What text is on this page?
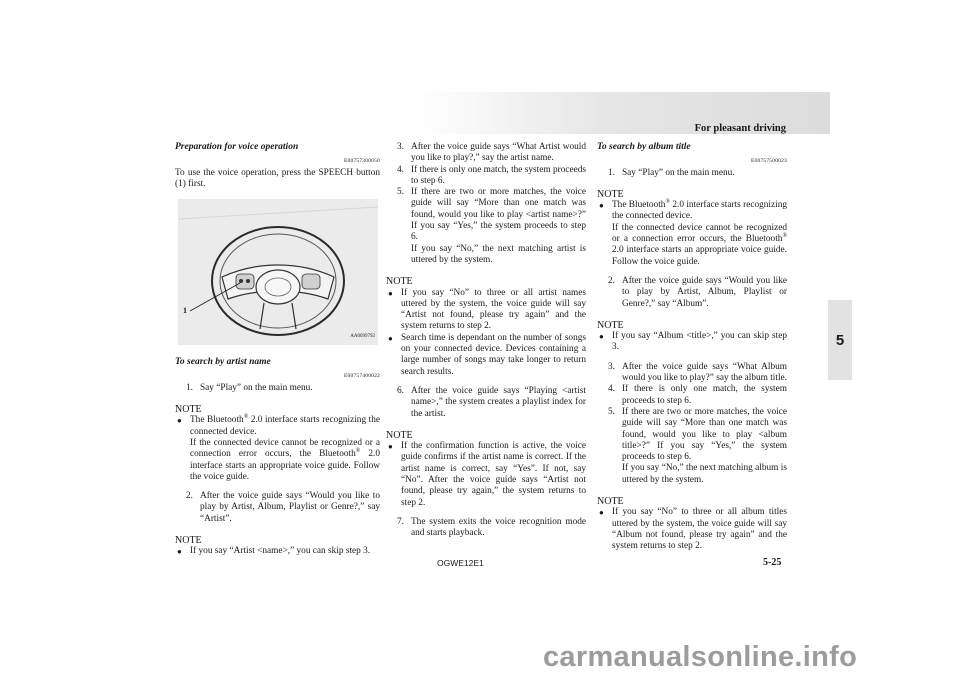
For pleasant driving
5
Preparation for voice operation
E00757300050

To use the voice operation, press the SPEECH button (1) first.

1
AA0099792
To search by artist name
E00757400022
1. Say “Play” on the main menu.
NOTE
● The Bluetooth® 2.0 interface starts recognizing the connected device.
If the connected device cannot be recognized or a connection error occurs, the Bluetooth® 2.0 interface starts an appropriate voice guide. Follow the voice guide.
2. After the voice guide says “Would you like to play by Artist, Album, Playlist or Genre?,” say “Artist”.
NOTE
● If you say “Artist <name>,” you can skip step 3.
3. After the voice guide says “What Artist would you like to play?,” say the artist name.
4. If there is only one match, the system proceeds to step 6.
5. If there are two or more matches, the voice guide will say “More than one match was found, would you like to play <artist name>?” If you say “Yes,” the system proceeds to step 6.
If you say “No,” the next matching artist is uttered by the system.
NOTE
● If you say “No” to three or all artist names uttered by the system, the voice guide will say “Artist not found, please try again” and the system returns to step 2.
● Search time is dependant on the number of songs on your connected device. Devices containing a large number of songs may take longer to return search results.
6. After the voice guide says “Playing <artist name>,” the system creates a playlist index for the artist.
NOTE
● If the confirmation function is active, the voice guide confirms if the artist name is correct. If the artist name is correct, say “Yes”. If not, say “No”. After the voice guide says “Artist not found, please try again,” the system returns to step 2.
7. The system exits the voice recognition mode and starts playback.
To search by album title
E00757500023
1. Say “Play” on the main menu.
NOTE
● The Bluetooth® 2.0 interface starts recognizing the connected device.
If the connected device cannot be recognized or a connection error occurs, the Bluetooth® 2.0 interface starts an appropriate voice guide. Follow the voice guide.
2. After the voice guide says “Would you like to play by Artist, Album, Playlist or Genre?,” say “Album”.
NOTE
● If you say “Album <title>,” you can skip step 3.
3. After the voice guide says “What Album would you like to play?” say the album title.
4. If there is only one match, the system proceeds to step 6.
5. If there are two or more matches, the voice guide will say “More than one match was found, would you like to play <album title>?” If you say “Yes,” the system proceeds to step 6.
If you say “No,” the next matching album is uttered by the system.
NOTE
● If you say “No” to three or all album titles uttered by the system, the voice guide will say “Album not found, please try again” and the system returns to step 2.
OGWE12E1	5-25
carmanualsonline.info
